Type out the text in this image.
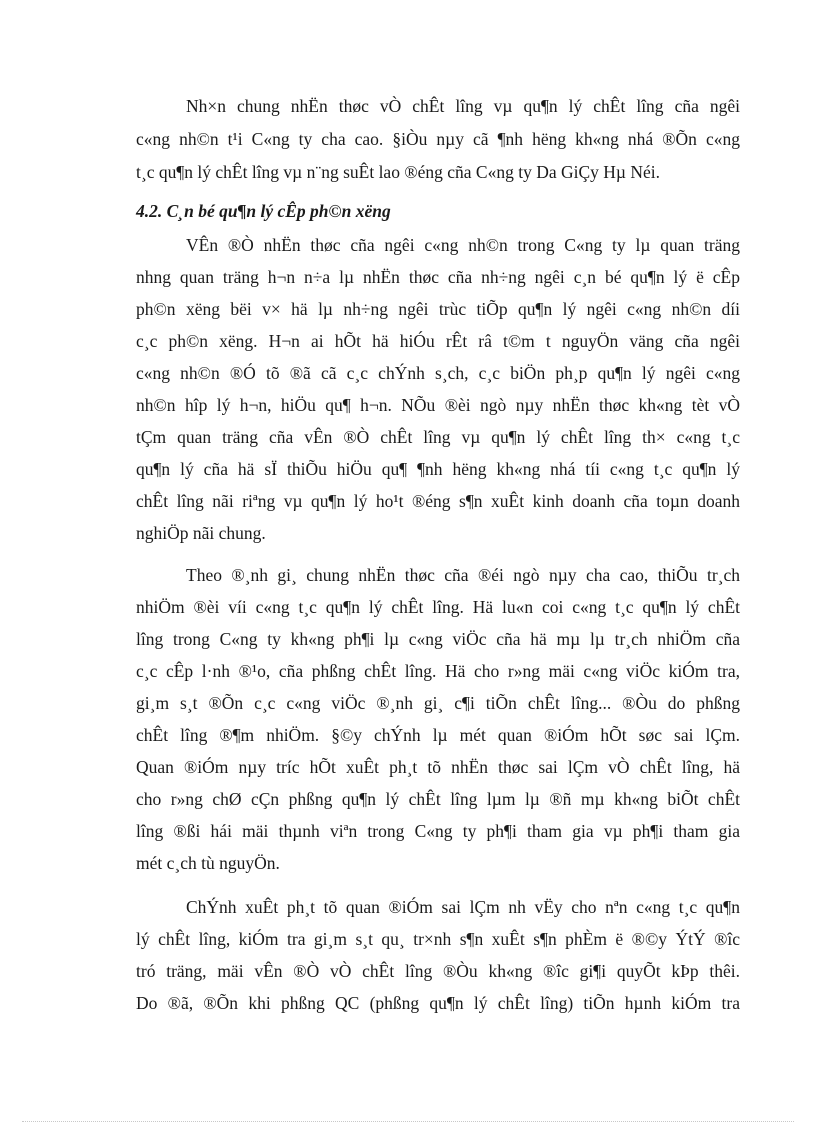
Nh×n chung nhËn thøc vÒ chÊt lîng vµ qu¶n lý chÊt lîng cña ngêi
c«ng nh©n t¹i C«ng ty cha cao. §iÒu nµy cã ¶nh hëng kh«ng nhá ®Õn c«ng
t¸c qu¶n lý chÊt lîng vµ n¨ng suÊt lao ®éng cña C«ng ty Da GiÇy Hµ Néi.
4.2. C¸n bé qu¶n lý cÊp ph©n xëng
VÊn ®Ò nhËn thøc cña ngêi c«ng nh©n trong C«ng ty lµ quan träng
nhng quan träng h¬n n÷a lµ nhËn thøc cña nh÷ng ngêi c¸n bé qu¶n lý ë cÊp
ph©n xëng bëi v× hä lµ nh÷ng ngêi trùc tiÕp qu¶n lý ngêi c«ng nh©n díi
c¸c ph©n xëng. H¬n ai hÕt hä hiÓu rÊt râ t©m t nguyÖn väng cña ngêi
c«ng nh©n ®Ó tõ ®ã cã c¸c chÝnh s¸ch, c¸c biÖn ph¸p qu¶n lý ngêi c«ng
nh©n hîp lý h¬n, hiÖu qu¶ h¬n. NÕu ®èi ngò nµy nhËn thøc kh«ng tèt vÒ
tÇm quan träng cña vÊn ®Ò chÊt lîng vµ qu¶n lý chÊt lîng th× c«ng t¸c
qu¶n lý cña hä sÏ thiÕu hiÖu qu¶ ¶nh hëng kh«ng nhá tíi c«ng t¸c qu¶n lý
chÊt lîng nãi riªng vµ qu¶n lý ho¹t ®éng s¶n xuÊt kinh doanh cña toµn doanh
nghiÖp nãi chung.
Theo ®¸nh gi¸ chung nhËn thøc cña ®éi ngò nµy cha cao, thiÕu tr¸ch
nhiÖm ®èi víi c«ng t¸c qu¶n lý chÊt lîng. Hä lu«n coi c«ng t¸c qu¶n lý chÊt
lîng trong C«ng ty kh«ng ph¶i lµ c«ng viÖc cña hä mµ lµ tr¸ch nhiÖm cña
c¸c cÊp l·nh ®¹o, cña phßng chÊt lîng. Hä cho r»ng mäi c«ng viÖc kiÓm tra,
gi¸m s¸t ®Õn c¸c c«ng viÖc ®¸nh gi¸ c¶i tiÕn chÊt lîng... ®Òu do phßng
chÊt lîng ®¶m nhiÖm. §©y chÝnh lµ mét quan ®iÓm hÕt søc sai lÇm.
Quan ®iÓm nµy tríc hÕt xuÊt ph¸t tõ nhËn thøc sai lÇm vÒ chÊt lîng, hä
cho r»ng chØ cÇn phßng qu¶n lý chÊt lîng lµm lµ ®ñ mµ kh«ng biÕt chÊt
lîng ®ßi hái mäi thµnh viªn trong C«ng ty ph¶i tham gia vµ ph¶i tham gia
mét c¸ch tù nguyÖn.
ChÝnh xuÊt ph¸t tõ quan ®iÓm sai lÇm nh vËy cho nªn c«ng t¸c qu¶n
lý chÊt lîng, kiÓm tra gi¸m s¸t qu¸ tr×nh s¶n xuÊt s¶n phÈm ë ®©y ÝtÝ ®îc
tró träng, mäi vÊn ®Ò vÒ chÊt lîng ®Òu kh«ng ®îc gi¶i quyÕt kÞp thêi.
Do ®ã, ®Õn khi phßng QC (phßng qu¶n lý chÊt lîng) tiÕn hµnh kiÓm tra
